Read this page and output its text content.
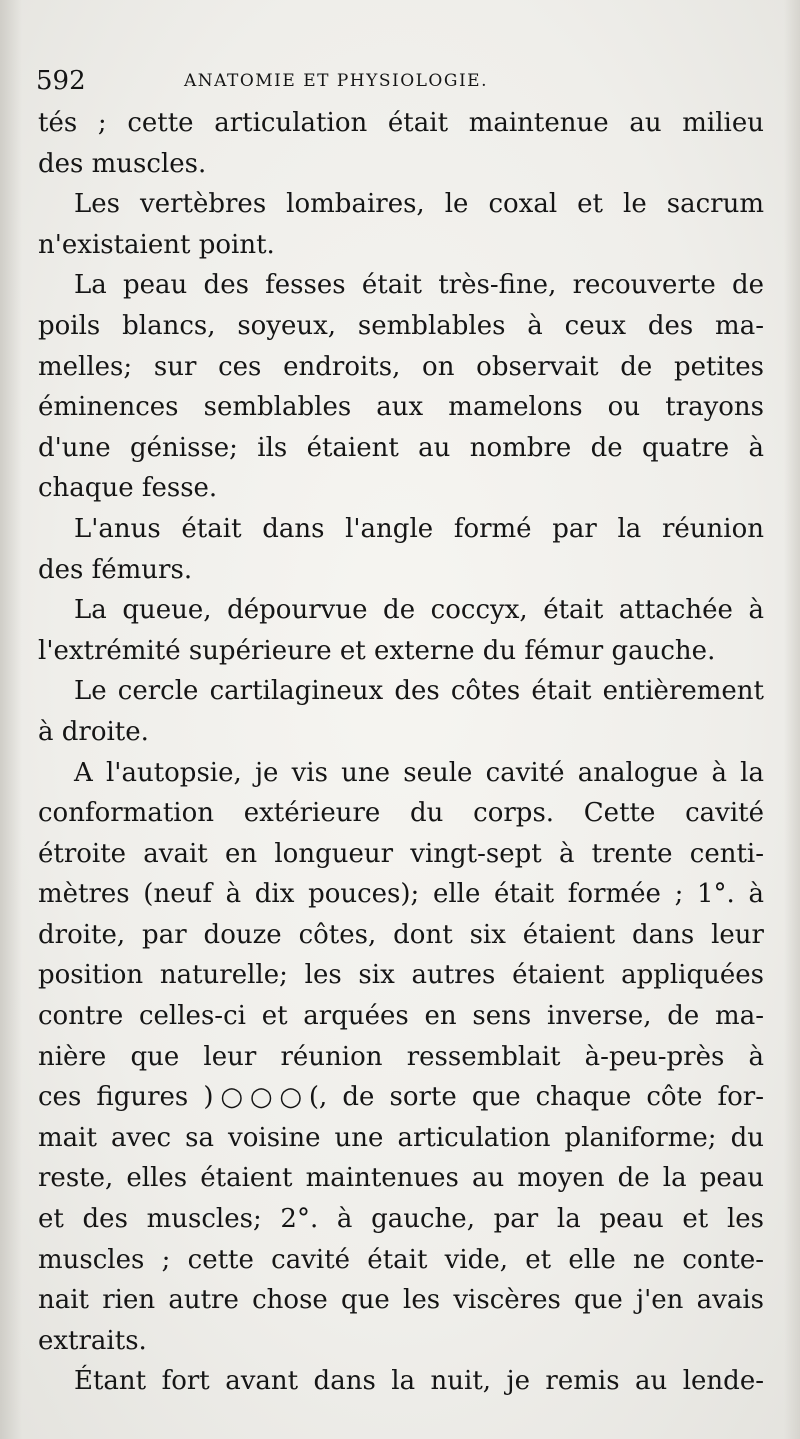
592	ANATOMIE ET PHYSIOLOGIE.
tés ; cette articulation était maintenue au milieu
des muscles.
Les vertèbres lombaires, le coxal et le sacrum
n'existaient point.
La peau des fesses était très-fine, recouverte de
poils blancs, soyeux, semblables à ceux des ma-
melles; sur ces endroits, on observait de petites
éminences semblables aux mamelons ou trayons
d'une génisse; ils étaient au nombre de quatre à
chaque fesse.
L'anus était dans l'angle formé par la réunion
des fémurs.
La queue, dépourvue de coccyx, était attachée à
l'extrémité supérieure et externe du fémur gauche.
Le cercle cartilagineux des côtes était entièrement
à droite.
A l'autopsie, je vis une seule cavité analogue à la
conformation extérieure du corps. Cette cavité
étroite avait en longueur vingt-sept à trente centi-
mètres (neuf à dix pouces); elle était formée ; 1°. à
droite, par douze côtes, dont six étaient dans leur
position naturelle; les six autres étaient appliquées
contre celles-ci et arquées en sens inverse, de ma-
nière que leur réunion ressemblait à-peu-près à
ces figures )○○○(, de sorte que chaque côte for-
mait avec sa voisine une articulation planiforme; du
reste, elles étaient maintenues au moyen de la peau
et des muscles; 2°. à gauche, par la peau et les
muscles ; cette cavité était vide, et elle ne conte-
nait rien autre chose que les viscères que j'en avais
extraits.
Étant fort avant dans la nuit, je remis au lende-
